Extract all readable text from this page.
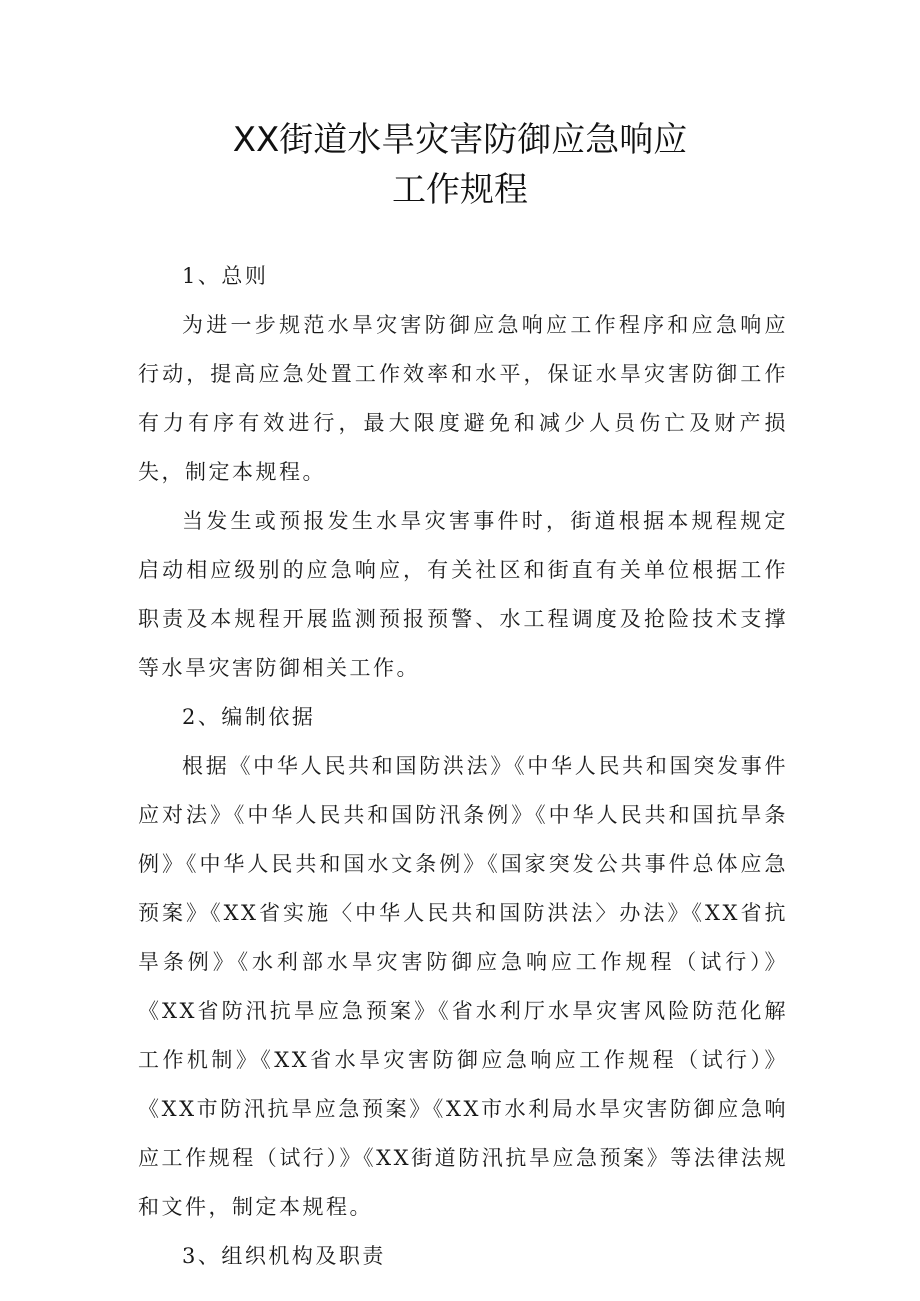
XX街道水旱灾害防御应急响应
工作规程

1、总则

为进一步规范水旱灾害防御应急响应工作程序和应急响应行动，提高应急处置工作效率和水平，保证水旱灾害防御工作有力有序有效进行，最大限度避免和减少人员伤亡及财产损失，制定本规程。

当发生或预报发生水旱灾害事件时，街道根据本规程规定启动相应级别的应急响应，有关社区和街直有关单位根据工作职责及本规程开展监测预报预警、水工程调度及抢险技术支撑等水旱灾害防御相关工作。

2、编制依据

根据《中华人民共和国防洪法》《中华人民共和国突发事件应对法》《中华人民共和国防汛条例》《中华人民共和国抗旱条例》《中华人民共和国水文条例》《国家突发公共事件总体应急预案》《XX省实施〈中华人民共和国防洪法〉办法》《XX省抗旱条例》《水利部水旱灾害防御应急响应工作规程（试行）》《XX省防汛抗旱应急预案》《省水利厅水旱灾害风险防范化解工作机制》《XX省水旱灾害防御应急响应工作规程（试行）》《XX市防汛抗旱应急预案》《XX市水利局水旱灾害防御应急响应工作规程（试行）》《XX街道防汛抗旱应急预案》等法律法规和文件，制定本规程。

3、组织机构及职责
